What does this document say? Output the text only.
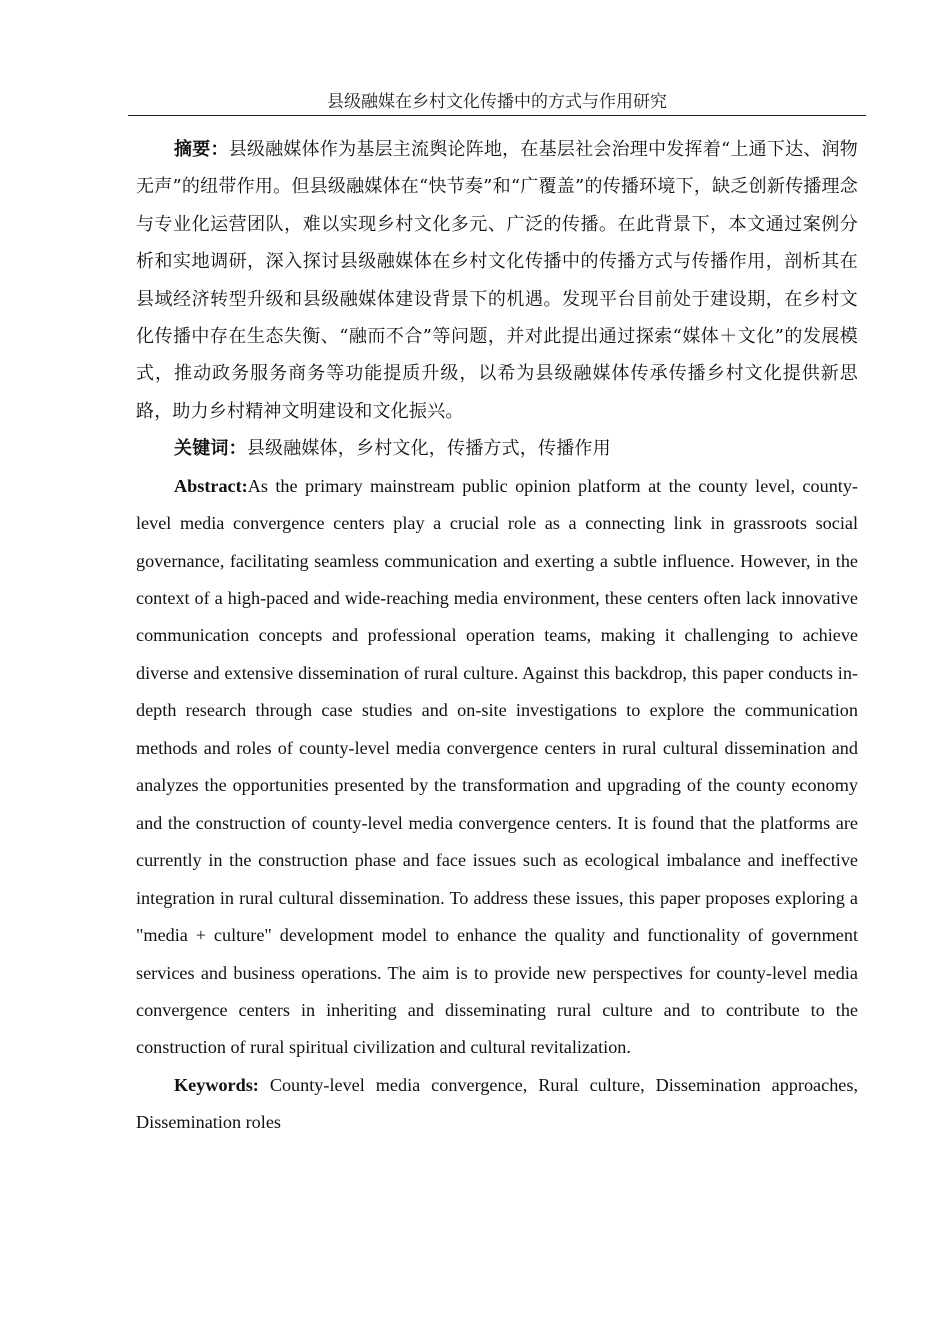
县级融媒在乡村文化传播中的方式与作用研究

摘要：县级融媒体作为基层主流舆论阵地，在基层社会治理中发挥着“上通下达、润物无声”的纽带作用。但县级融媒体在“快节奏”和“广覆盖”的传播环境下，缺乏创新传播理念与专业化运营团队，难以实现乡村文化多元、广泛的传播。在此背景下，本文通过案例分析和实地调研，深入探讨县级融媒体在乡村文化传播中的传播方式与传播作用，剖析其在县域经济转型升级和县级融媒体建设背景下的机遇。发现平台目前处于建设期，在乡村文化传播中存在生态失衡、“融而不合”等问题，并对此提出通过探索“媒体＋文化”的发展模式，推动政务服务商务等功能提质升级，以希为县级融媒体传承传播乡村文化提供新思路，助力乡村精神文明建设和文化振兴。

关键词：县级融媒体，乡村文化，传播方式，传播作用

Abstract:As the primary mainstream public opinion platform at the county level, county-level media convergence centers play a crucial role as a connecting link in grassroots social governance, facilitating seamless communication and exerting a subtle influence. However, in the context of a high-paced and wide-reaching media environment, these centers often lack innovative communication concepts and professional operation teams, making it challenging to achieve diverse and extensive dissemination of rural culture. Against this backdrop, this paper conducts in-depth research through case studies and on-site investigations to explore the communication methods and roles of county-level media convergence centers in rural cultural dissemination and analyzes the opportunities presented by the transformation and upgrading of the county economy and the construction of county-level media convergence centers. It is found that the platforms are currently in the construction phase and face issues such as ecological imbalance and ineffective integration in rural cultural dissemination. To address these issues, this paper proposes exploring a "media + culture" development model to enhance the quality and functionality of government services and business operations. The aim is to provide new perspectives for county-level media convergence centers in inheriting and disseminating rural culture and to contribute to the construction of rural spiritual civilization and cultural revitalization.

Keywords: County-level media convergence, Rural culture, Dissemination approaches, Dissemination roles
